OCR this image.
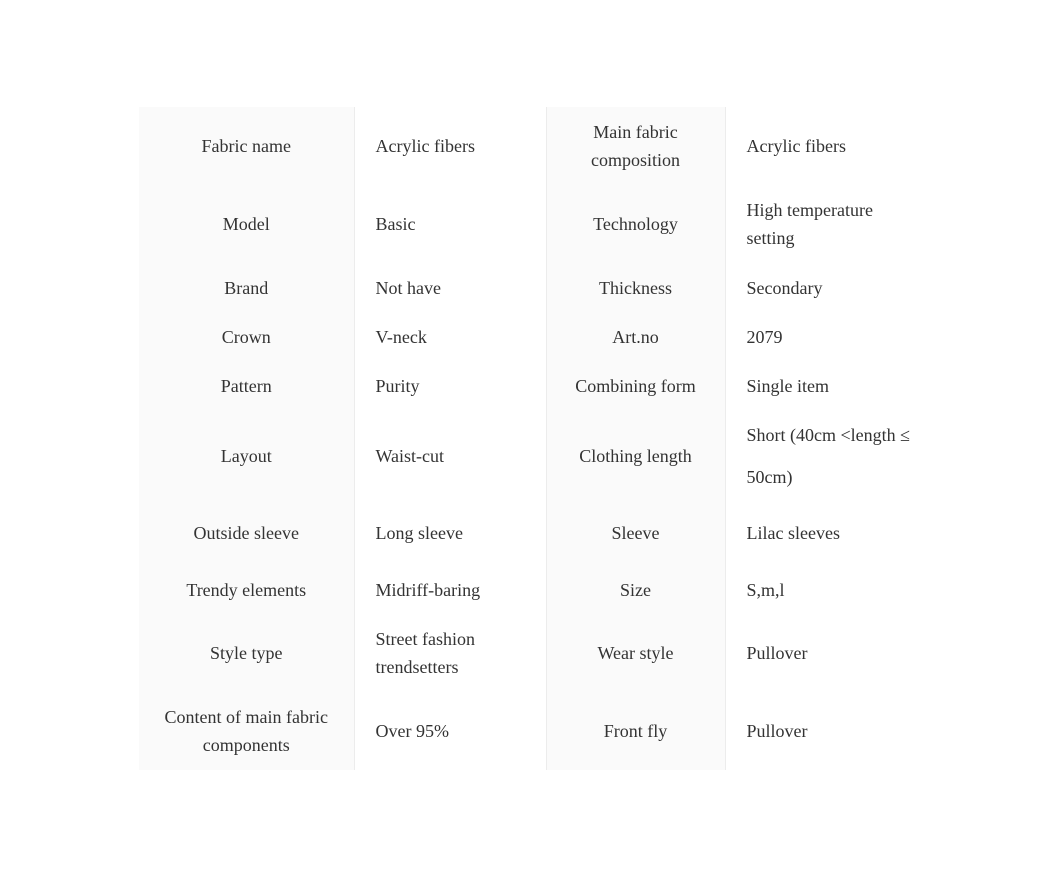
Fabric name	Acrylic fibers	Main fabric composition	Acrylic fibers
Model	Basic	Technology	High temperature setting
Brand	Not have	Thickness	Secondary
Crown	V-neck	Art.no	2079
Pattern	Purity	Combining form	Single item
Layout	Waist-cut	Clothing length	Short (40cm <length ≤ 50cm)
Outside sleeve	Long sleeve	Sleeve	Lilac sleeves
Trendy elements	Midriff-baring	Size	S,m,l
Style type	Street fashion trendsetters	Wear style	Pullover
Content of main fabric components	Over 95%	Front fly	Pullover
